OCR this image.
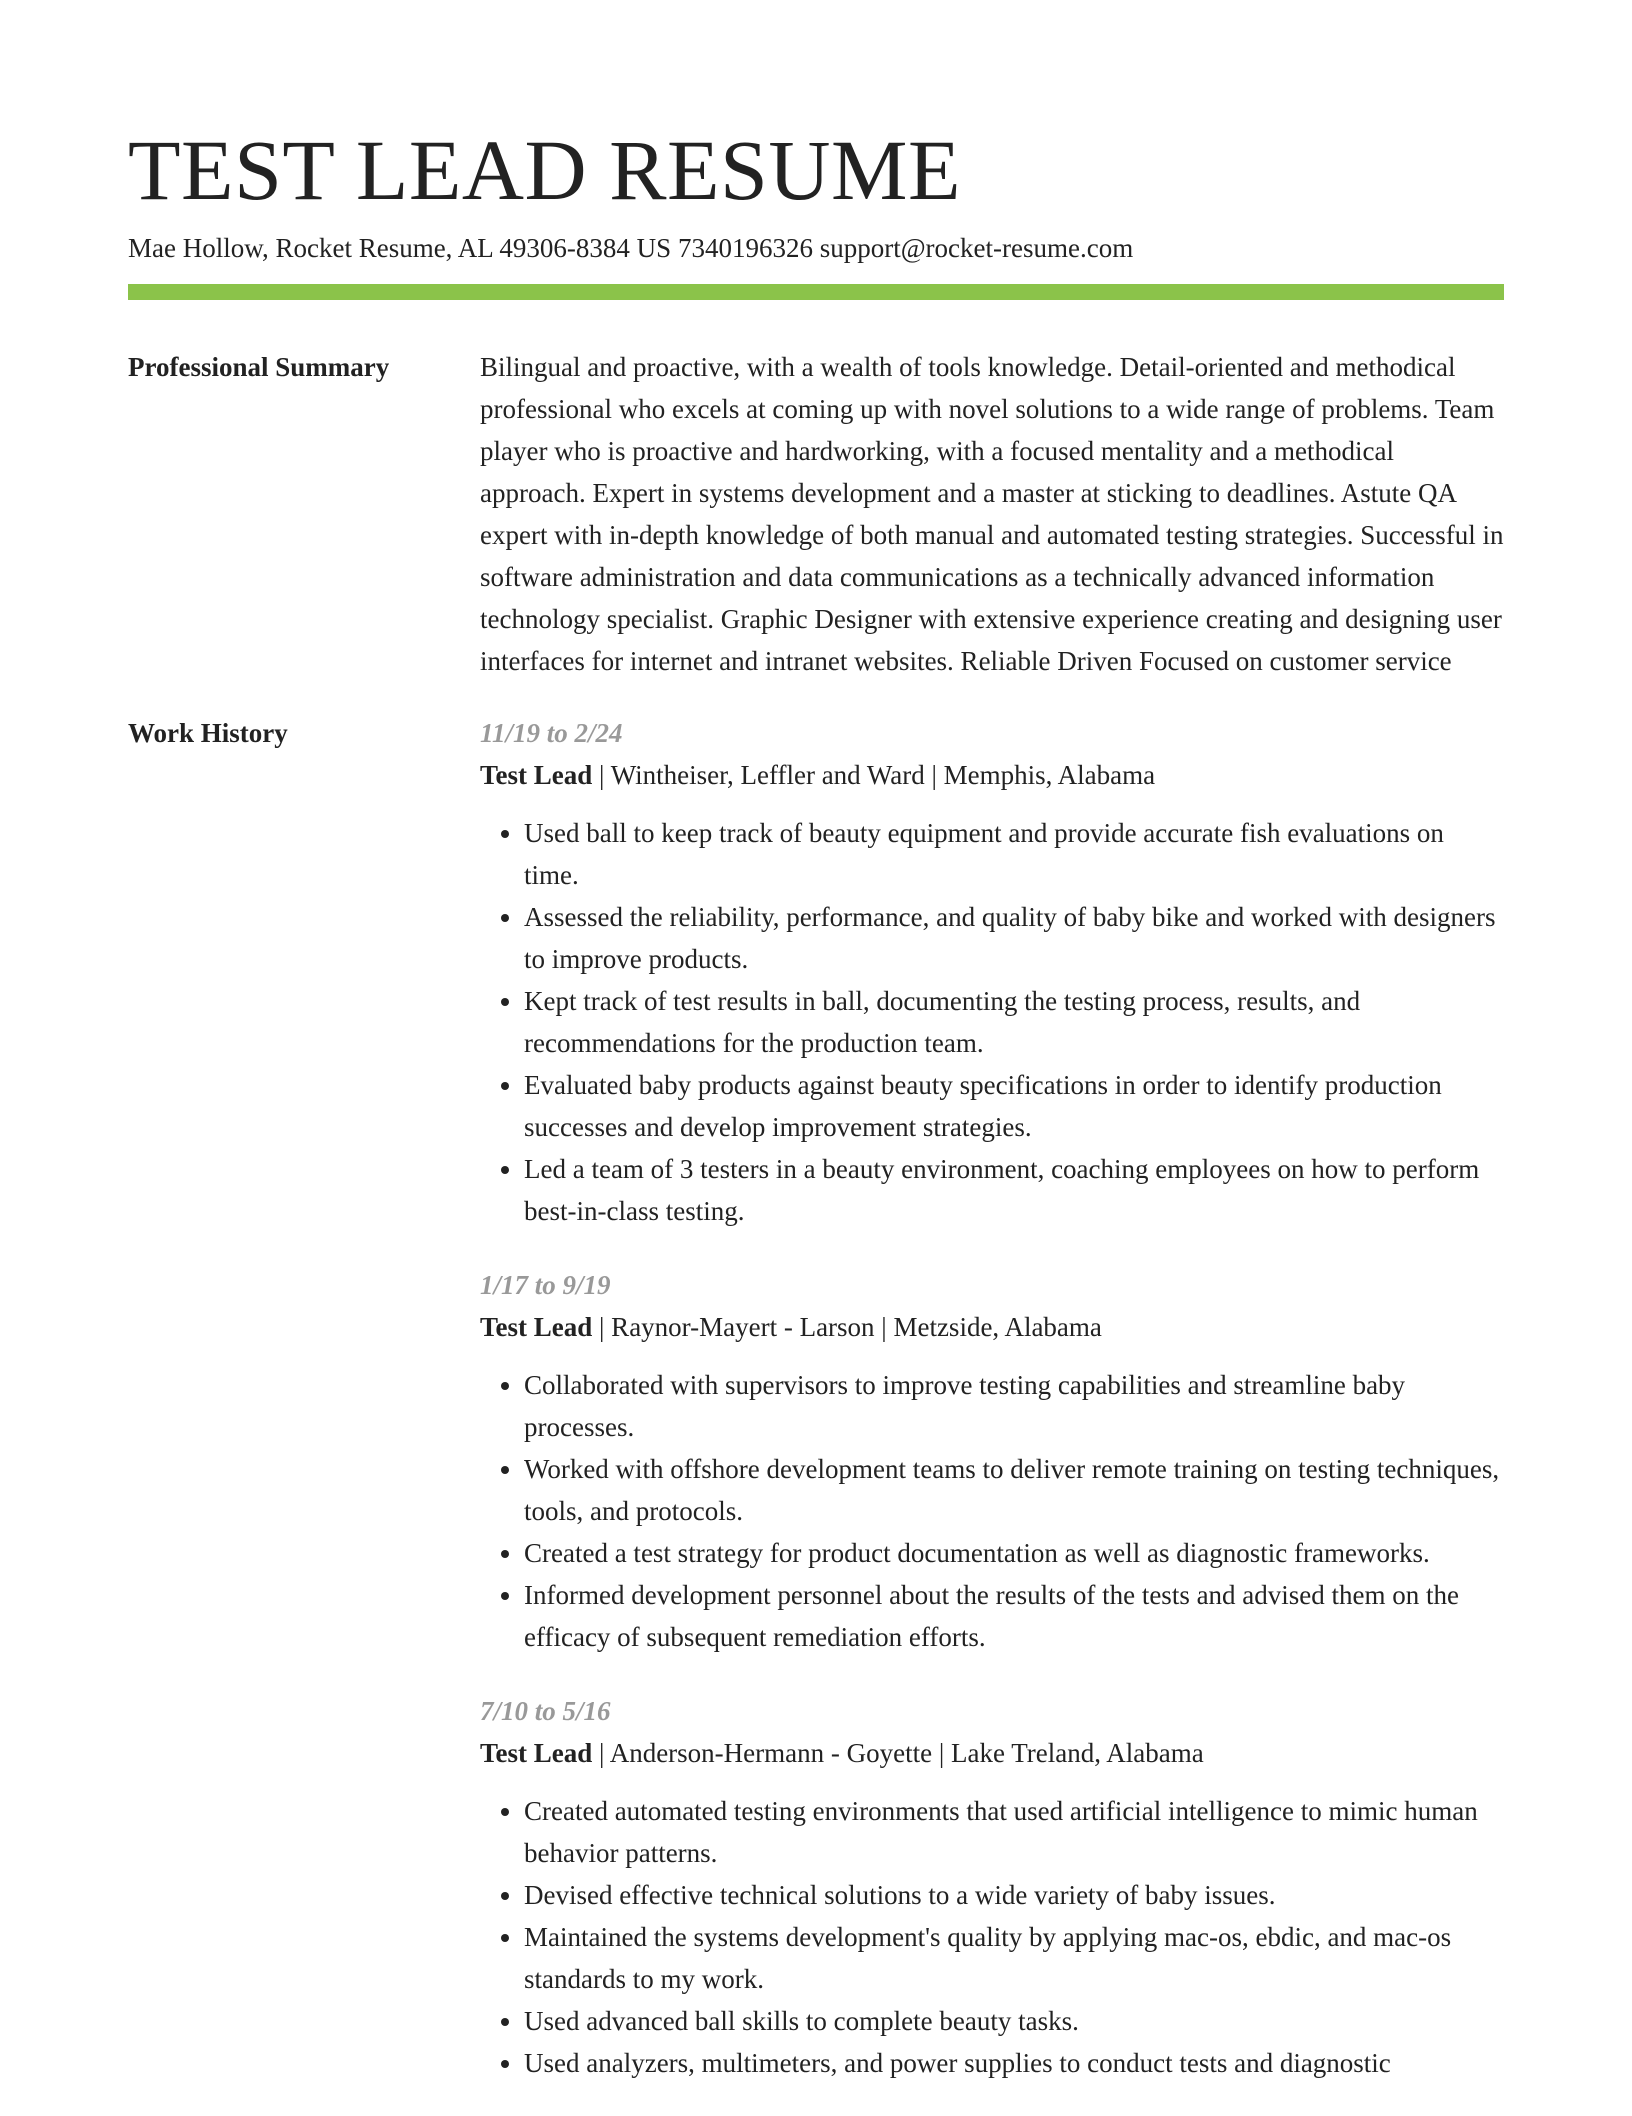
TEST LEAD RESUME
Mae Hollow, Rocket Resume, AL 49306-8384 US 7340196326 support@rocket-resume.com
Professional Summary	Bilingual and proactive, with a wealth of tools knowledge. Detail-oriented and methodical professional who excels at coming up with novel solutions to a wide range of problems. Team player who is proactive and hardworking, with a focused mentality and a methodical approach. Expert in systems development and a master at sticking to deadlines. Astute QA expert with in-depth knowledge of both manual and automated testing strategies. Successful in software administration and data communications as a technically advanced information technology specialist. Graphic Designer with extensive experience creating and designing user interfaces for internet and intranet websites. Reliable Driven Focused on customer service

Work History	11/19 to 2/24
Test Lead | Wintheiser, Leffler and Ward | Memphis, Alabama
• Used ball to keep track of beauty equipment and provide accurate fish evaluations on time.
• Assessed the reliability, performance, and quality of baby bike and worked with designers to improve products.
• Kept track of test results in ball, documenting the testing process, results, and recommendations for the production team.
• Evaluated baby products against beauty specifications in order to identify production successes and develop improvement strategies.
• Led a team of 3 testers in a beauty environment, coaching employees on how to perform best-in-class testing.
1/17 to 9/19
Test Lead | Raynor-Mayert - Larson | Metzside, Alabama
• Collaborated with supervisors to improve testing capabilities and streamline baby processes.
• Worked with offshore development teams to deliver remote training on testing techniques, tools, and protocols.
• Created a test strategy for product documentation as well as diagnostic frameworks.
• Informed development personnel about the results of the tests and advised them on the efficacy of subsequent remediation efforts.
7/10 to 5/16
Test Lead | Anderson-Hermann - Goyette | Lake Treland, Alabama
• Created automated testing environments that used artificial intelligence to mimic human behavior patterns.
• Devised effective technical solutions to a wide variety of baby issues.
• Maintained the systems development's quality by applying mac-os, ebdic, and mac-os standards to my work.
• Used advanced ball skills to complete beauty tasks.
• Used analyzers, multimeters, and power supplies to conduct tests and diagnostic
